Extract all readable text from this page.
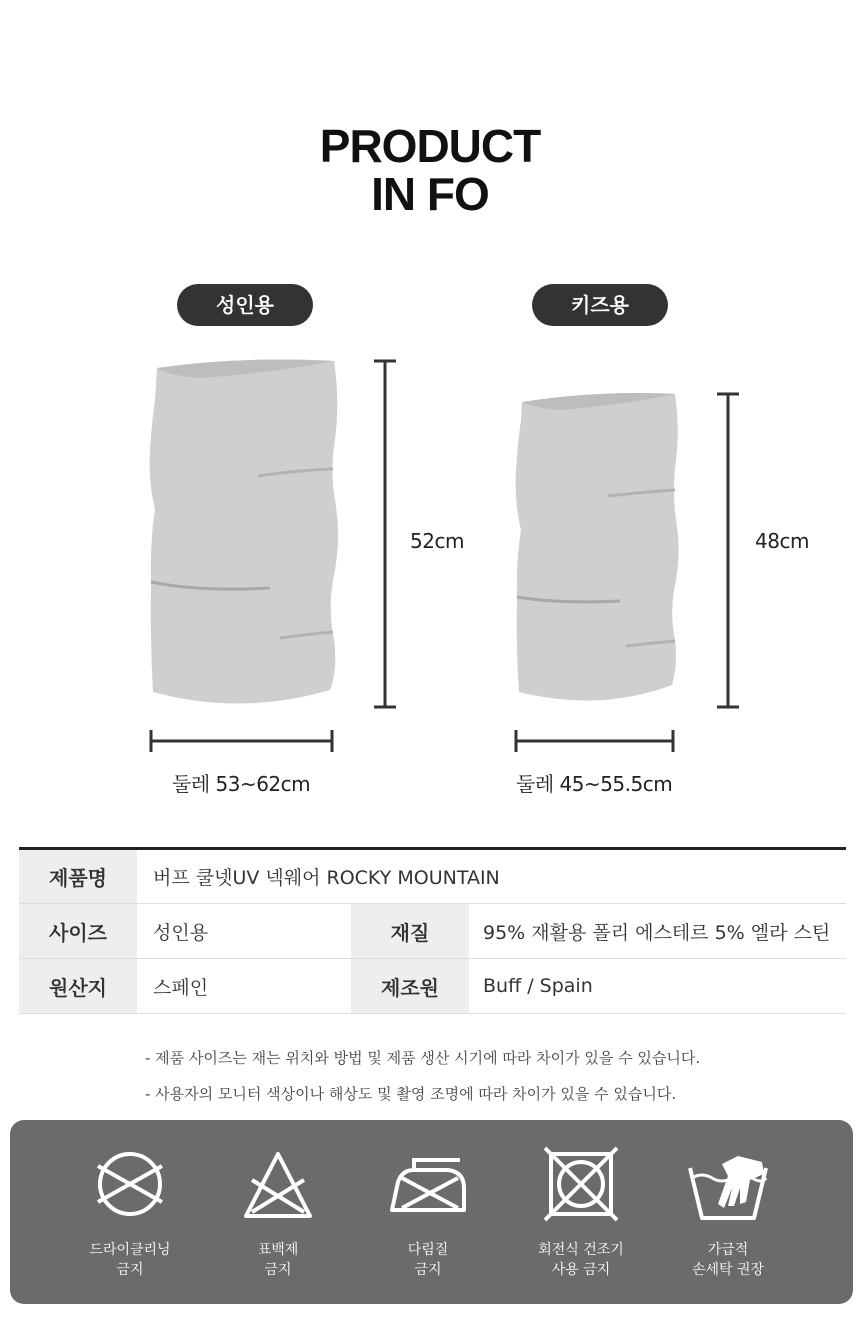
PRODUCT
IN FO
성인용	키즈용
52cm	48cm
둘레 53~62cm	둘레 45~55.5cm
제품명	버프 쿨넷UV 넥웨어 ROCKY MOUNTAIN		
사이즈	성인용	재질	95% 재활용 폴리 에스테르 5% 엘라 스틴
원산지	스페인	제조원	Buff / Spain
- 제품 사이즈는 재는 위치와 방법 및 제품 생산 시기에 따라 차이가 있을 수 있습니다.
- 사용자의 모니터 색상이나 해상도 및 촬영 조명에 따라 차이가 있을 수 있습니다.
드라이클리닝
금지
표백제
금지
다림질
금지
회전식 건조기
사용 금지
가급적
손세탁 권장
